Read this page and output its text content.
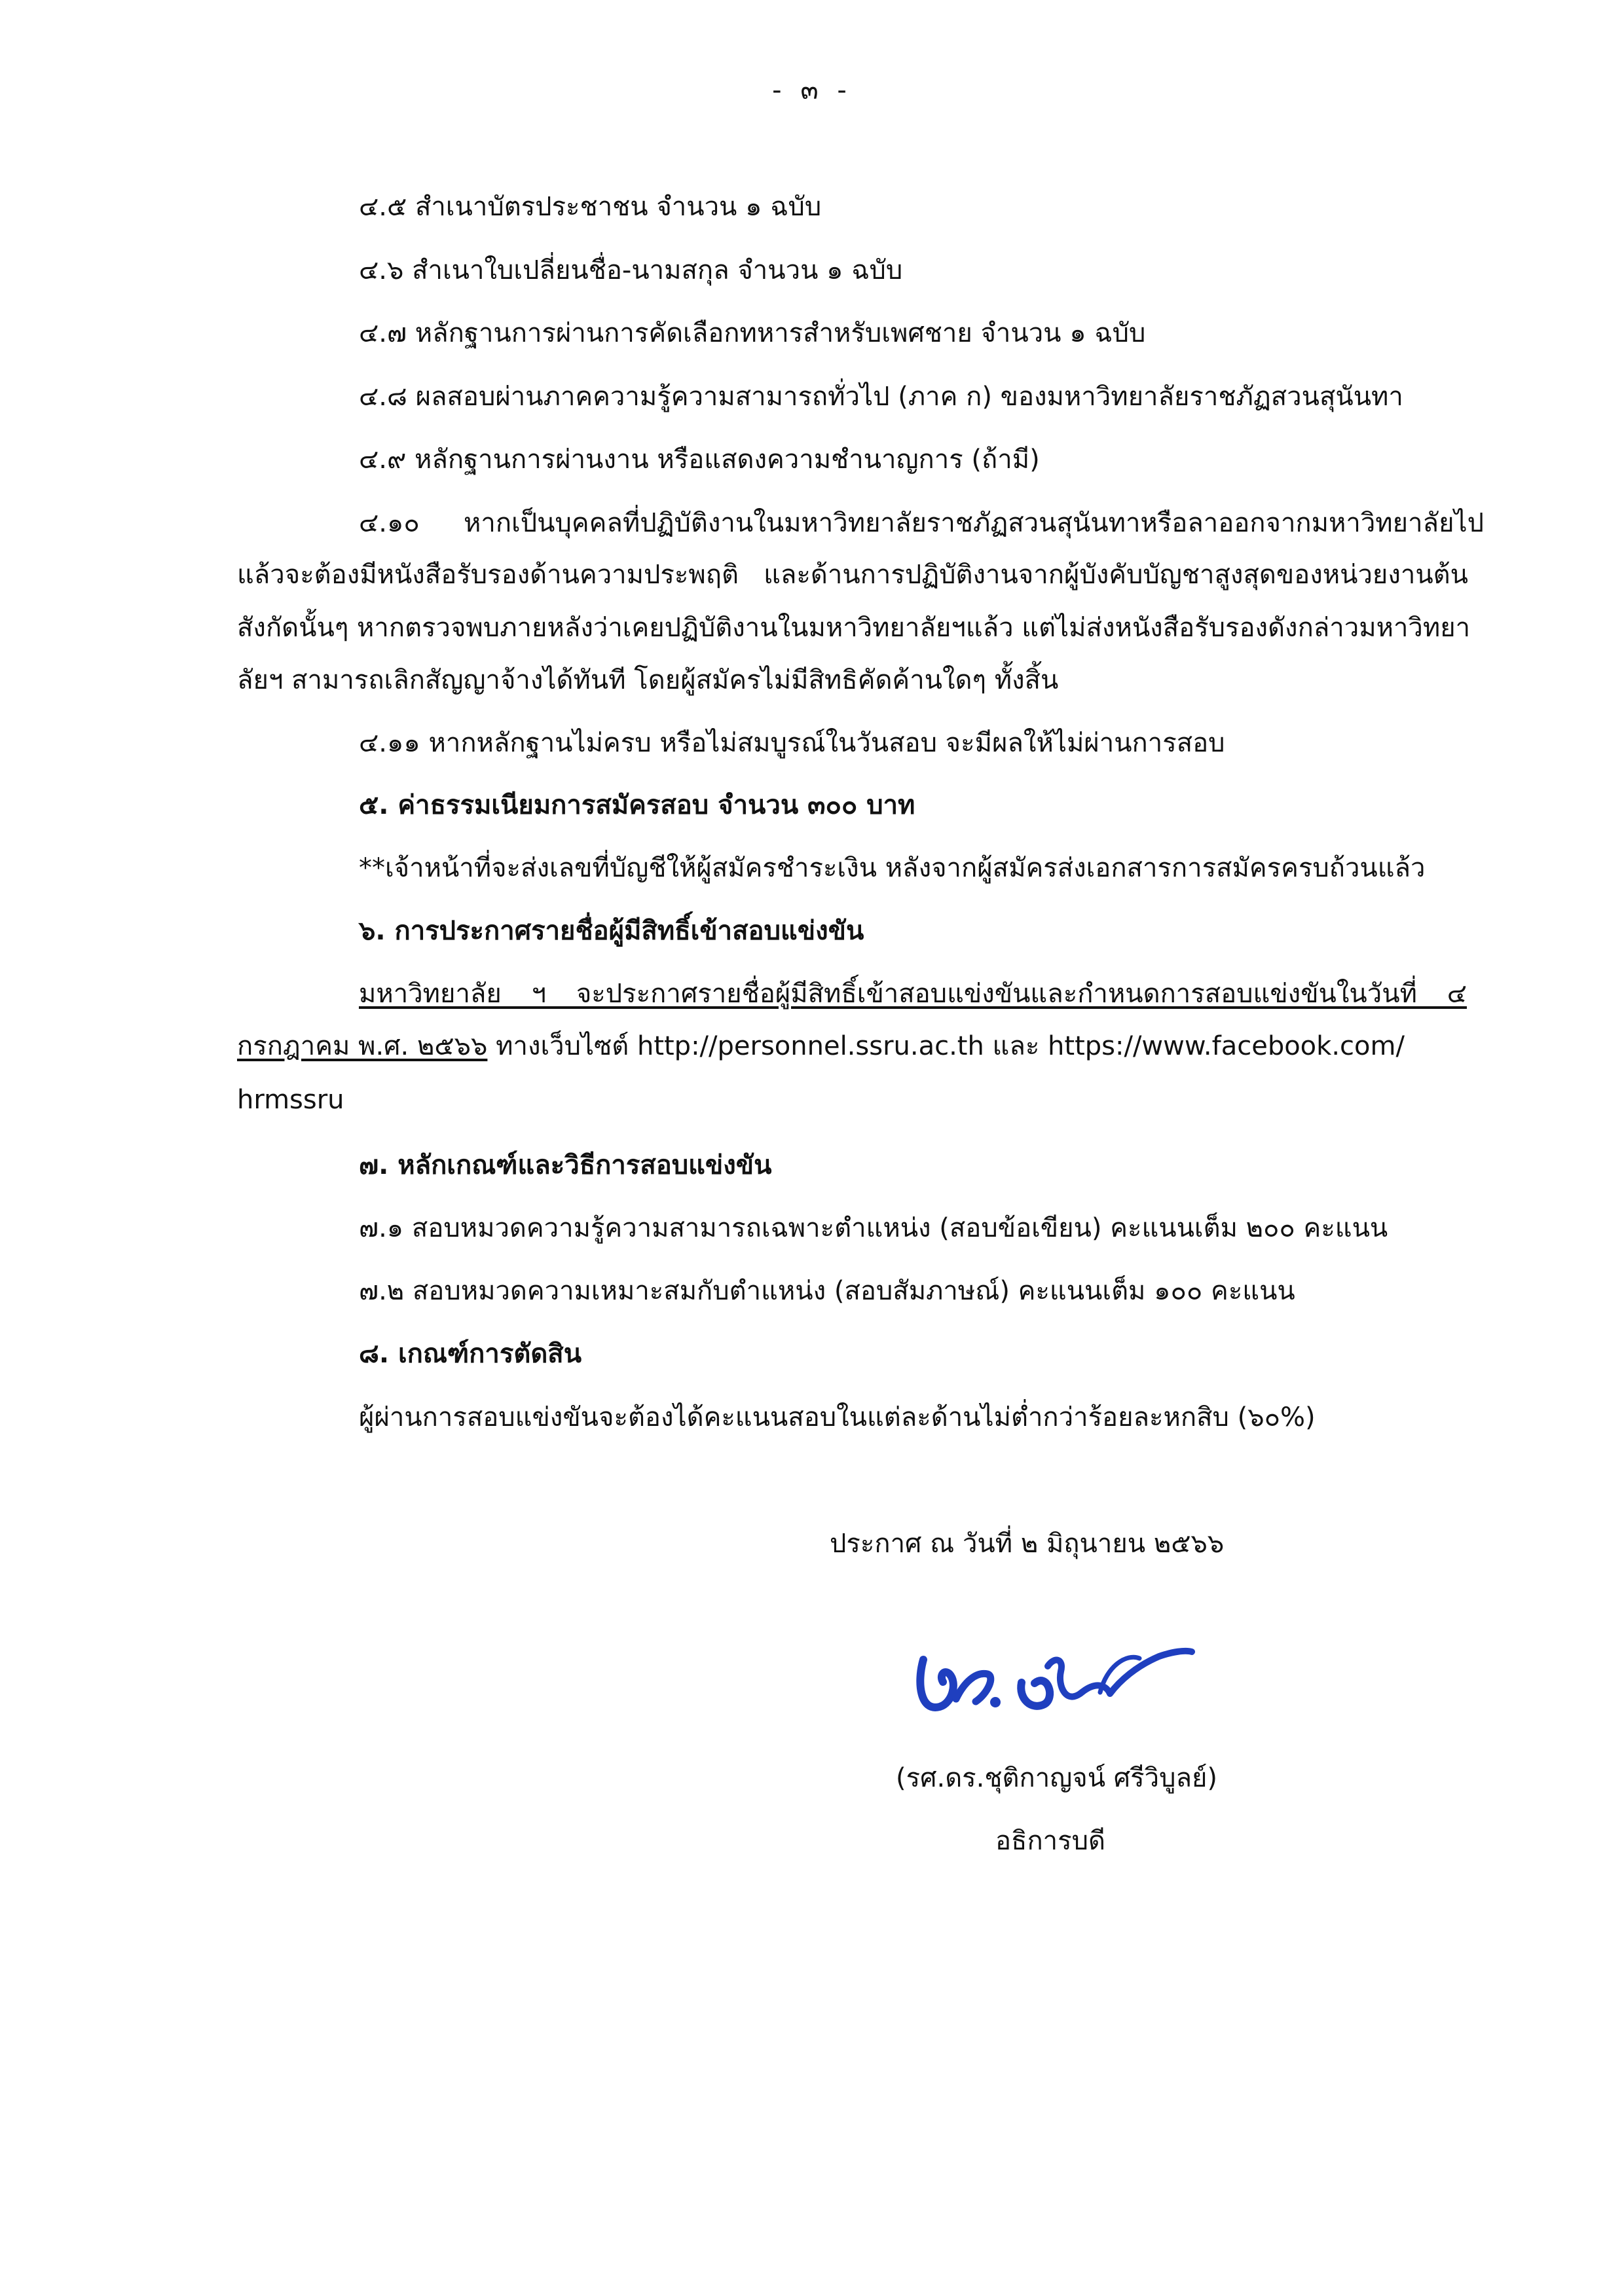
- ๓ -
๔.๕ สำเนาบัตรประชาชน จำนวน ๑ ฉบับ
๔.๖ สำเนาใบเปลี่ยนชื่อ-นามสกุล จำนวน ๑ ฉบับ
๔.๗ หลักฐานการผ่านการคัดเลือกทหารสำหรับเพศชาย จำนวน ๑ ฉบับ
๔.๘ ผลสอบผ่านภาคความรู้ความสามารถทั่วไป (ภาค ก) ของมหาวิทยาลัยราชภัฏสวนสุนันทา
๔.๙ หลักฐานการผ่านงาน หรือแสดงความชำนาญการ (ถ้ามี)
๔.๑๐ หากเป็นบุคคลที่ปฏิบัติงานในมหาวิทยาลัยราชภัฏสวนสุนันทาหรือลาออกจากมหาวิทยาลัยไป
แล้วจะต้องมีหนังสือรับรองด้านความประพฤติ และด้านการปฏิบัติงานจากผู้บังคับบัญชาสูงสุดของหน่วยงานต้น
สังกัดนั้นๆ หากตรวจพบภายหลังว่าเคยปฏิบัติงานในมหาวิทยาลัยฯแล้ว แต่ไม่ส่งหนังสือรับรองดังกล่าวมหาวิทยา
ลัยฯ สามารถเลิกสัญญาจ้างได้ทันที โดยผู้สมัครไม่มีสิทธิคัดค้านใดๆ ทั้งสิ้น
๔.๑๑ หากหลักฐานไม่ครบ หรือไม่สมบูรณ์ในวันสอบ จะมีผลให้ไม่ผ่านการสอบ
๕. ค่าธรรมเนียมการสมัครสอบ จำนวน ๓๐๐ บาท
**เจ้าหน้าที่จะส่งเลขที่บัญชีให้ผู้สมัครชำระเงิน หลังจากผู้สมัครส่งเอกสารการสมัครครบถ้วนแล้ว
๖. การประกาศรายชื่อผู้มีสิทธิ์เข้าสอบแข่งขัน
มหาวิทยาลัย ฯ จะประกาศรายชื่อผู้มีสิทธิ์เข้าสอบแข่งขันและกำหนดการสอบแข่งขันในวันที่ ๔
กรกฎาคม พ.ศ. ๒๕๖๖ ทางเว็บไซต์ http://personnel.ssru.ac.th และ https://www.facebook.com/
hrmssru
๗. หลักเกณฑ์และวิธีการสอบแข่งขัน
๗.๑ สอบหมวดความรู้ความสามารถเฉพาะตำแหน่ง (สอบข้อเขียน) คะแนนเต็ม ๒๐๐ คะแนน
๗.๒ สอบหมวดความเหมาะสมกับตำแหน่ง (สอบสัมภาษณ์) คะแนนเต็ม ๑๐๐ คะแนน
๘. เกณฑ์การตัดสิน
ผู้ผ่านการสอบแข่งขันจะต้องได้คะแนนสอบในแต่ละด้านไม่ต่ำกว่าร้อยละหกสิบ (๖๐%)
ประกาศ ณ วันที่ ๒ มิถุนายน ๒๕๖๖
(รศ.ดร.ชุติกาญจน์ ศรีวิบูลย์)
อธิการบดี
